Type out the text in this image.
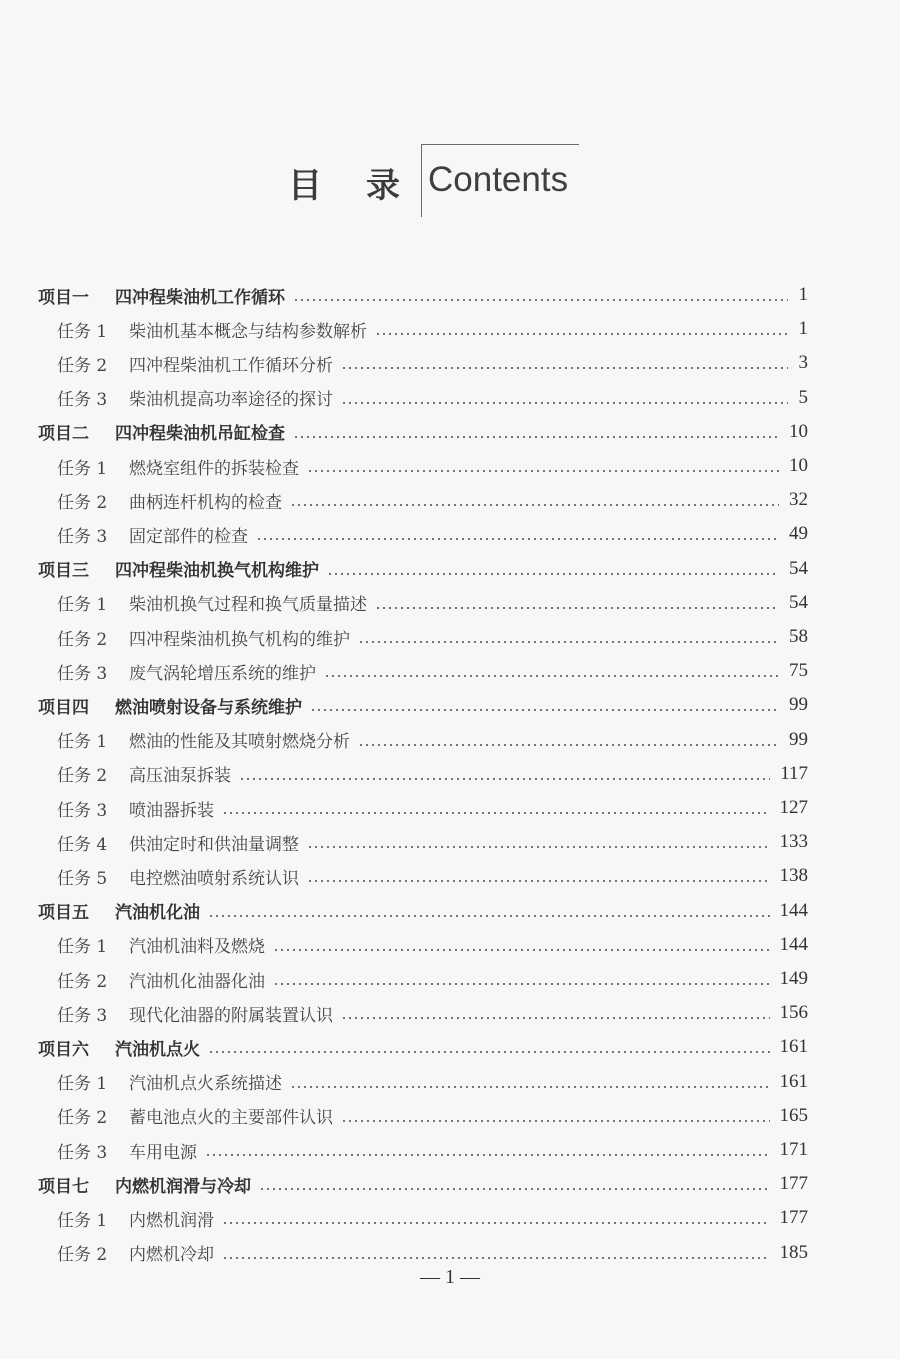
目录
Contents
项目一	四冲程柴油机工作循环	1
任务 1	柴油机基本概念与结构参数解析	1
任务 2	四冲程柴油机工作循环分析	3
任务 3	柴油机提高功率途径的探讨	5
项目二	四冲程柴油机吊缸检查	10
任务 1	燃烧室组件的拆装检查	10
任务 2	曲柄连杆机构的检查	32
任务 3	固定部件的检查	49
项目三	四冲程柴油机换气机构维护	54
任务 1	柴油机换气过程和换气质量描述	54
任务 2	四冲程柴油机换气机构的维护	58
任务 3	废气涡轮增压系统的维护	75
项目四	燃油喷射设备与系统维护	99
任务 1	燃油的性能及其喷射燃烧分析	99
任务 2	高压油泵拆装	117
任务 3	喷油器拆装	127
任务 4	供油定时和供油量调整	133
任务 5	电控燃油喷射系统认识	138
项目五	汽油机化油	144
任务 1	汽油机油料及燃烧	144
任务 2	汽油机化油器化油	149
任务 3	现代化油器的附属装置认识	156
项目六	汽油机点火	161
任务 1	汽油机点火系统描述	161
任务 2	蓄电池点火的主要部件认识	165
任务 3	车用电源	171
项目七	内燃机润滑与冷却	177
任务 1	内燃机润滑	177
任务 2	内燃机冷却	185
— 1 —
